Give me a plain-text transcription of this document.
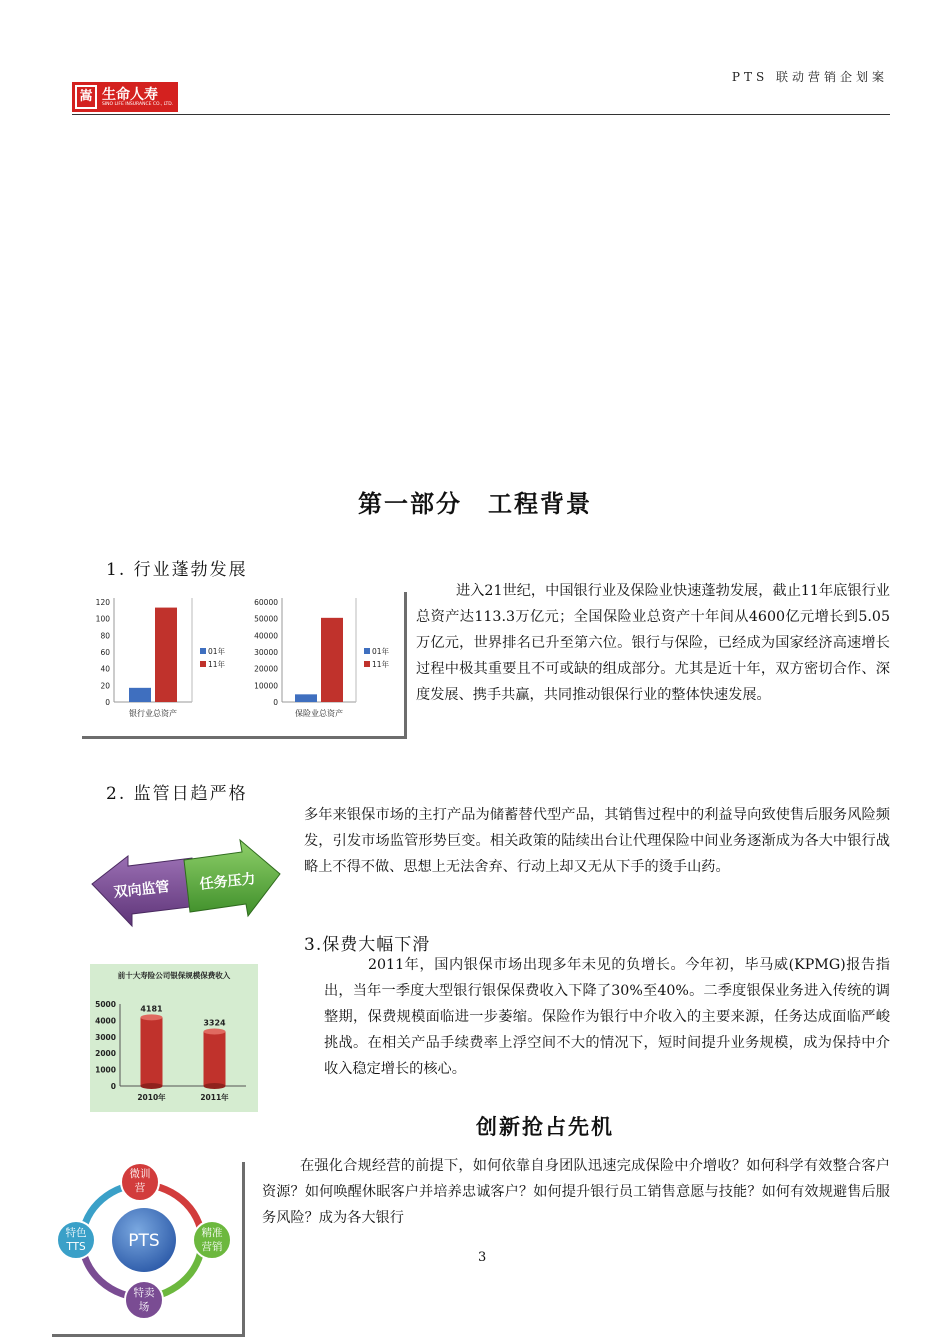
嵩 生命人寿
SINO LIFE INSURANCE CO., LTD.
PTS 联动营销企划案
第一部分　工程背景
1. 行业蓬勃发展
0
20
40
60
80
100
120
银行业总资产
01年
11年
0
10000
20000
30000
40000
50000
60000
保险业总资产
01年
11年
进入21世纪，中国银行业及保险业快速蓬勃发展，截止11年底银行业总资产达113.3万亿元；全国保险业总资产十年间从4600亿元增长到5.05万亿元，世界排名已升至第六位。银行与保险，已经成为国家经济高速增长过程中极其重要且不可或缺的组成部分。尤其是近十年，双方密切合作、深度发展、携手共赢，共同推动银保行业的整体快速发展。
2. 监管日趋严格
多年来银保市场的主打产品为储蓄替代型产品，其销售过程中的利益导向致使售后服务风险频发，引发市场监管形势巨变。相关政策的陆续出台让代理保险中间业务逐渐成为各大中银行战略上不得不做、思想上无法舍弃、行动上却又无从下手的烫手山药。
双向监管 任务压力
3.保费大幅下滑
2011年，国内银保市场出现多年未见的负增长。今年初，毕马威(KPMG)报告指出，当年一季度大型银行银保保费收入下降了30%至40%。二季度银保业务进入传统的调整期，保费规模面临进一步萎缩。保险作为银行中介收入的主要来源，任务达成面临严峻挑战。在相关产品手续费率上浮空间不大的情况下，短时间提升业务规模，成为保持中介收入稳定增长的核心。
前十大寿险公司银保规模保费收入
0
1000
2000
3000
4000
5000	4181
2010年
3324
2011年
创新抢占先机
在强化合规经营的前提下，如何依靠自身团队迅速完成保险中介增收？如何科学有效整合客户资源？如何唤醒休眠客户并培养忠诚客户？如何提升银行员工销售意愿与技能？如何有效规避售后服务风险？成为各大银行
PTS
微训
营
精准
营销
特卖
场
特色
TTS
3
